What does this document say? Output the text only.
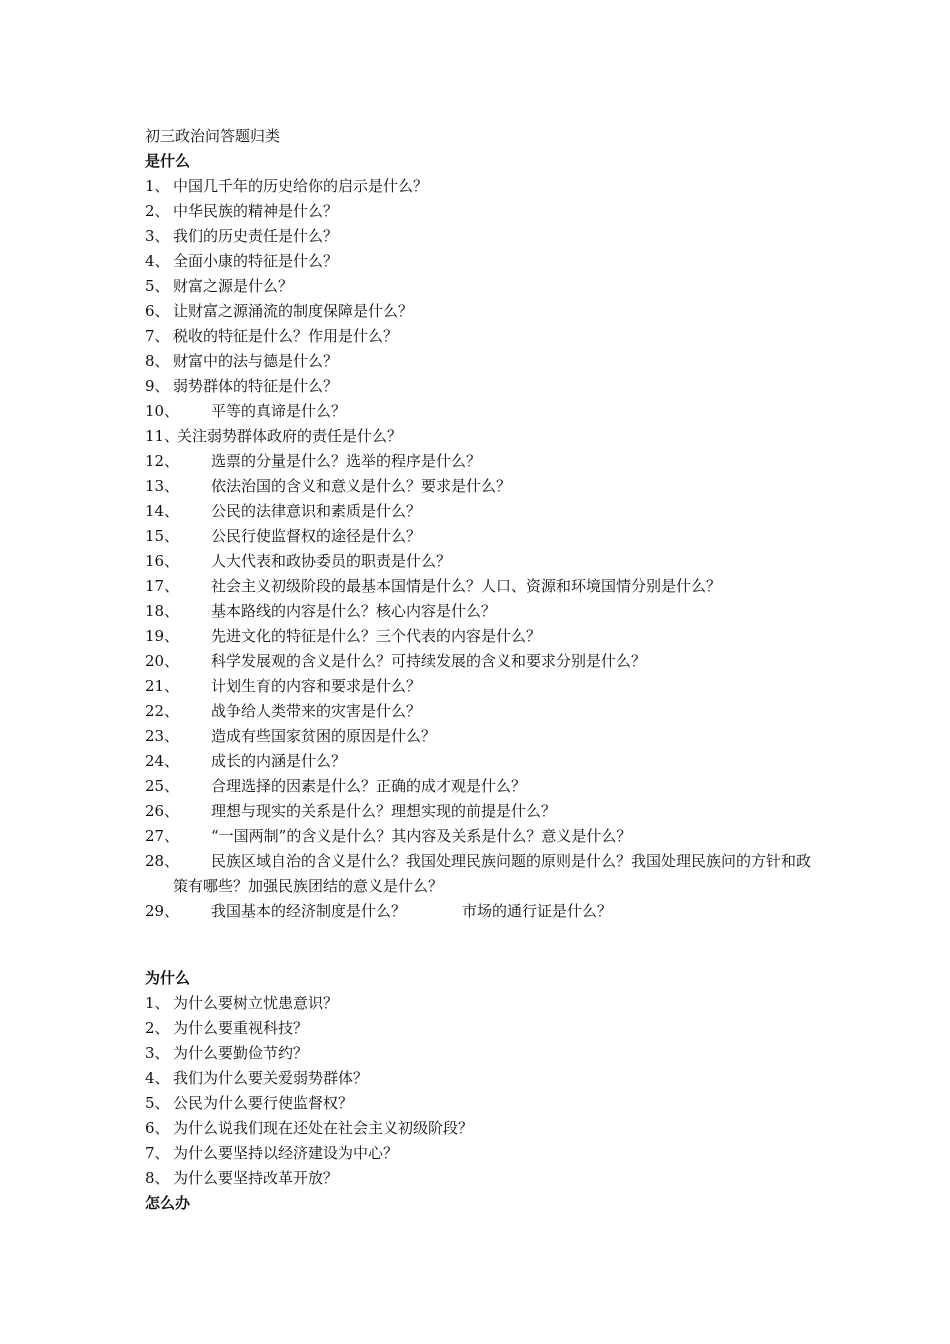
初三政治问答题归类
是什么
1、 中国几千年的历史给你的启示是什么？
2、 中华民族的精神是什么？
3、 我们的历史责任是什么？
4、 全面小康的特征是什么？
5、 财富之源是什么？
6、 让财富之源涌流的制度保障是什么？
7、 税收的特征是什么？作用是什么？
8、 财富中的法与德是什么？
9、 弱势群体的特征是什么？
10、	平等的真谛是什么？
11、
关注弱势群体政府的责任是什么？
12、	选票的分量是什么？选举的程序是什么？
13、	依法治国的含义和意义是什么？要求是什么？
14、	公民的法律意识和素质是什么？
15、	公民行使监督权的途径是什么？
16、	人大代表和政协委员的职责是什么？
17、	社会主义初级阶段的最基本国情是什么？人口、资源和环境国情分别是什么？
18、	基本路线的内容是什么？核心内容是什么？
19、	先进文化的特征是什么？三个代表的内容是什么？
20、	科学发展观的含义是什么？可持续发展的含义和要求分别是什么？
21、	计划生育的内容和要求是什么？
22、	战争给人类带来的灾害是什么？
23、	造成有些国家贫困的原因是什么？
24、	成长的内涵是什么？
25、	合理选择的因素是什么？正确的成才观是什么？
26、	理想与现实的关系是什么？理想实现的前提是什么？
27、	“一国两制”的含义是什么？其内容及关系是什么？意义是什么？
28、	民族区域自治的含义是什么？我国处理民族问题的原则是什么？我国处理民族问的方针和政策有哪些？加强民族团结的意义是什么？
29、	我国基本的经济制度是什么？	市场的通行证是什么？
为什么
1、 为什么要树立忧患意识？
2、 为什么要重视科技？
3、 为什么要勤俭节约？
4、 我们为什么要关爱弱势群体？
5、 公民为什么要行使监督权？
6、 为什么说我们现在还处在社会主义初级阶段？
7、 为什么要坚持以经济建设为中心？
8、 为什么要坚持改革开放？
怎么办
